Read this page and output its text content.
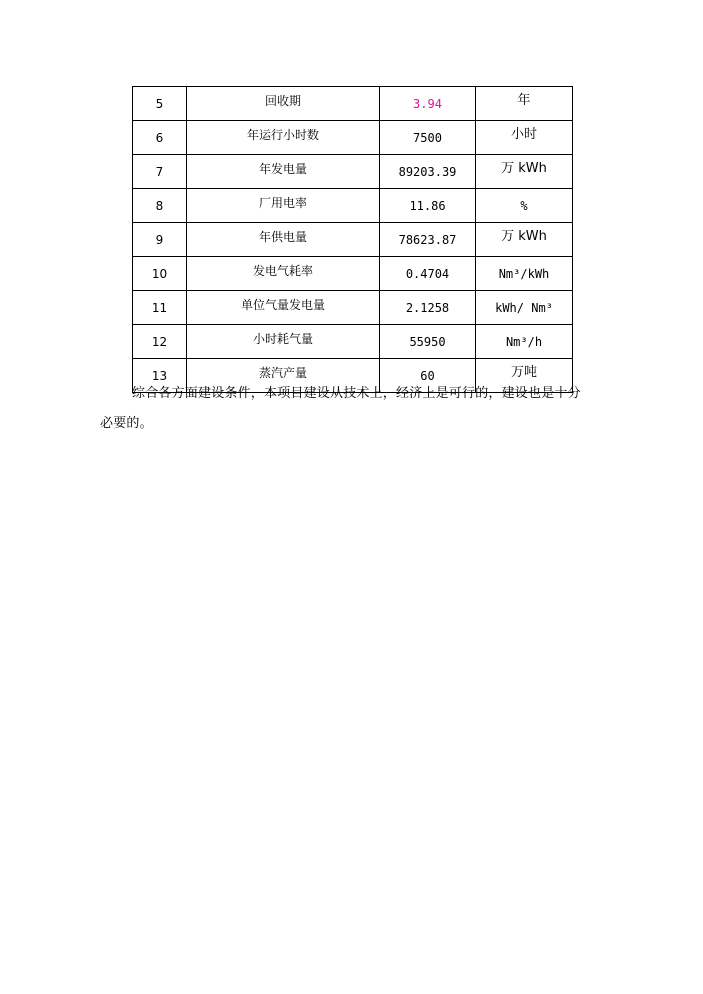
5	回收期	3.94	年
6	年运行小时数	7500	小时
7	年发电量	89203.39	万 kWh
8	厂用电率	11.86	%
9	年供电量	78623.87	万 kWh
10	发电气耗率	0.4704	Nm³/kWh
11	单位气量发电量	2.1258	kWh/ Nm³
12	小时耗气量	55950	Nm³/h
13	蒸汽产量	60	万吨

综合各方面建设条件，本项目建设从技术上，经济上是可行的，建设也是十分必要的。
